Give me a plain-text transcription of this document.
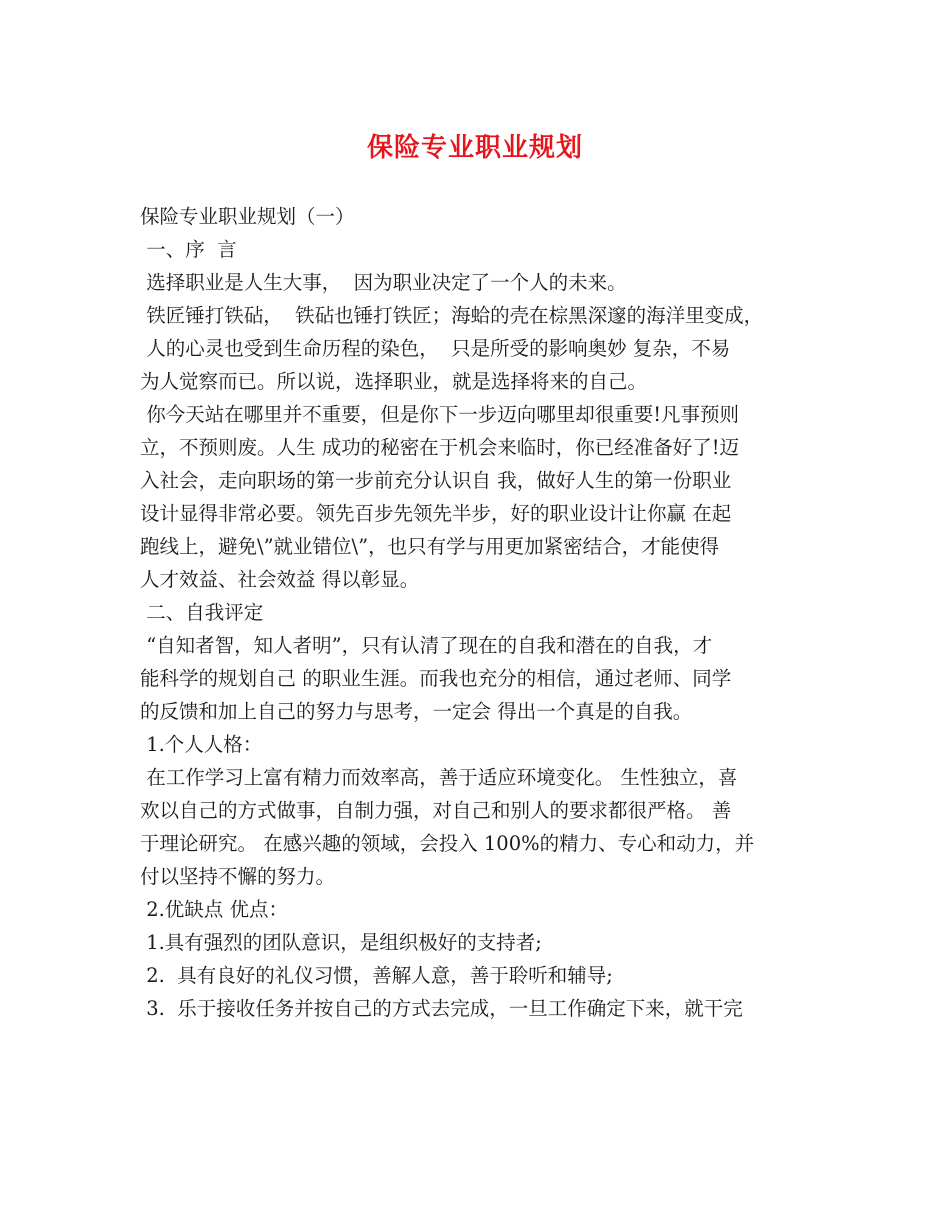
保险专业职业规划
保险专业职业规划（一）
一、序  言
选择职业是人生大事，  因为职业决定了一个人的未来。
铁匠锤打铁砧，  铁砧也锤打铁匠；海蛤的壳在棕黑深邃的海洋里变成，
人的心灵也受到生命历程的染色，  只是所受的影响奥妙 复杂，不易
为人觉察而已。所以说，选择职业，就是选择将来的自己。
你今天站在哪里并不重要，但是你下一步迈向哪里却很重要!凡事预则
立，不预则废。人生 成功的秘密在于机会来临时，你已经准备好了!迈
入社会，走向职场的第一步前充分认识自 我，做好人生的第一份职业
设计显得非常必要。领先百步先领先半步，好的职业设计让你赢 在起
跑线上，避免\”就业错位\”，也只有学与用更加紧密结合，才能使得
人才效益、社会效益 得以彰显。
二、自我评定
“自知者智，知人者明”，只有认清了现在的自我和潜在的自我，才
能科学的规划自己 的职业生涯。而我也充分的相信，通过老师、同学
的反馈和加上自己的努力与思考，一定会 得出一个真是的自我。
1.个人人格：
在工作学习上富有精力而效率高，善于适应环境变化。 生性独立，喜
欢以自己的方式做事，自制力强，对自己和别人的要求都很严格。 善
于理论研究。 在感兴趣的领域，会投入 100%的精力、专心和动力，并
付以坚持不懈的努力。
2.优缺点 优点：
1.具有强烈的团队意识，是组织极好的支持者;
2.  具有良好的礼仪习惯，善解人意，善于聆听和辅导;
3.  乐于接收任务并按自己的方式去完成，一旦工作确定下来，就干完
